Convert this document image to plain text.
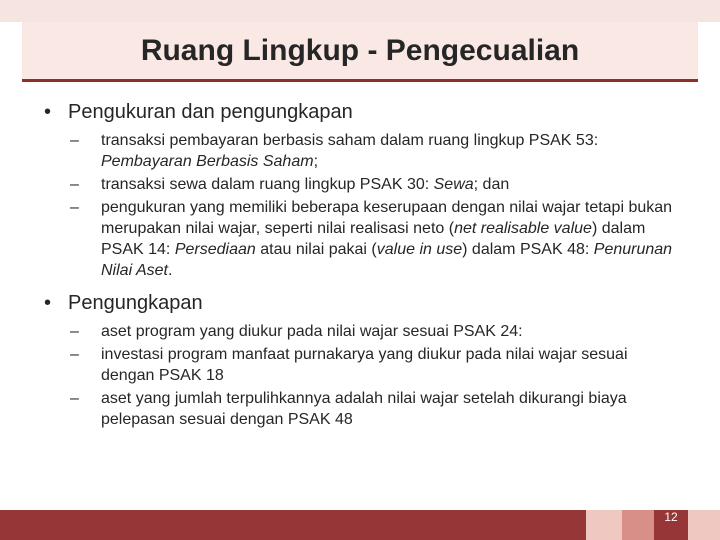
Ruang Lingkup - Pengecualian
• Pengukuran dan pengungkapan
– transaksi pembayaran berbasis saham dalam ruang lingkup PSAK 53: Pembayaran Berbasis Saham;
– transaksi sewa dalam ruang lingkup PSAK 30: Sewa; dan
– pengukuran yang memiliki beberapa keserupaan dengan nilai wajar tetapi bukan merupakan nilai wajar, seperti nilai realisasi neto (net realisable value) dalam PSAK 14: Persediaan atau nilai pakai (value in use) dalam PSAK 48: Penurunan Nilai Aset.
• Pengungkapan
– aset program yang diukur pada nilai wajar sesuai PSAK 24:
– investasi program manfaat purnakarya yang diukur pada nilai wajar sesuai dengan PSAK 18
– aset yang jumlah terpulihkannya adalah nilai wajar setelah dikurangi biaya pelepasan sesuai dengan PSAK 48
12
